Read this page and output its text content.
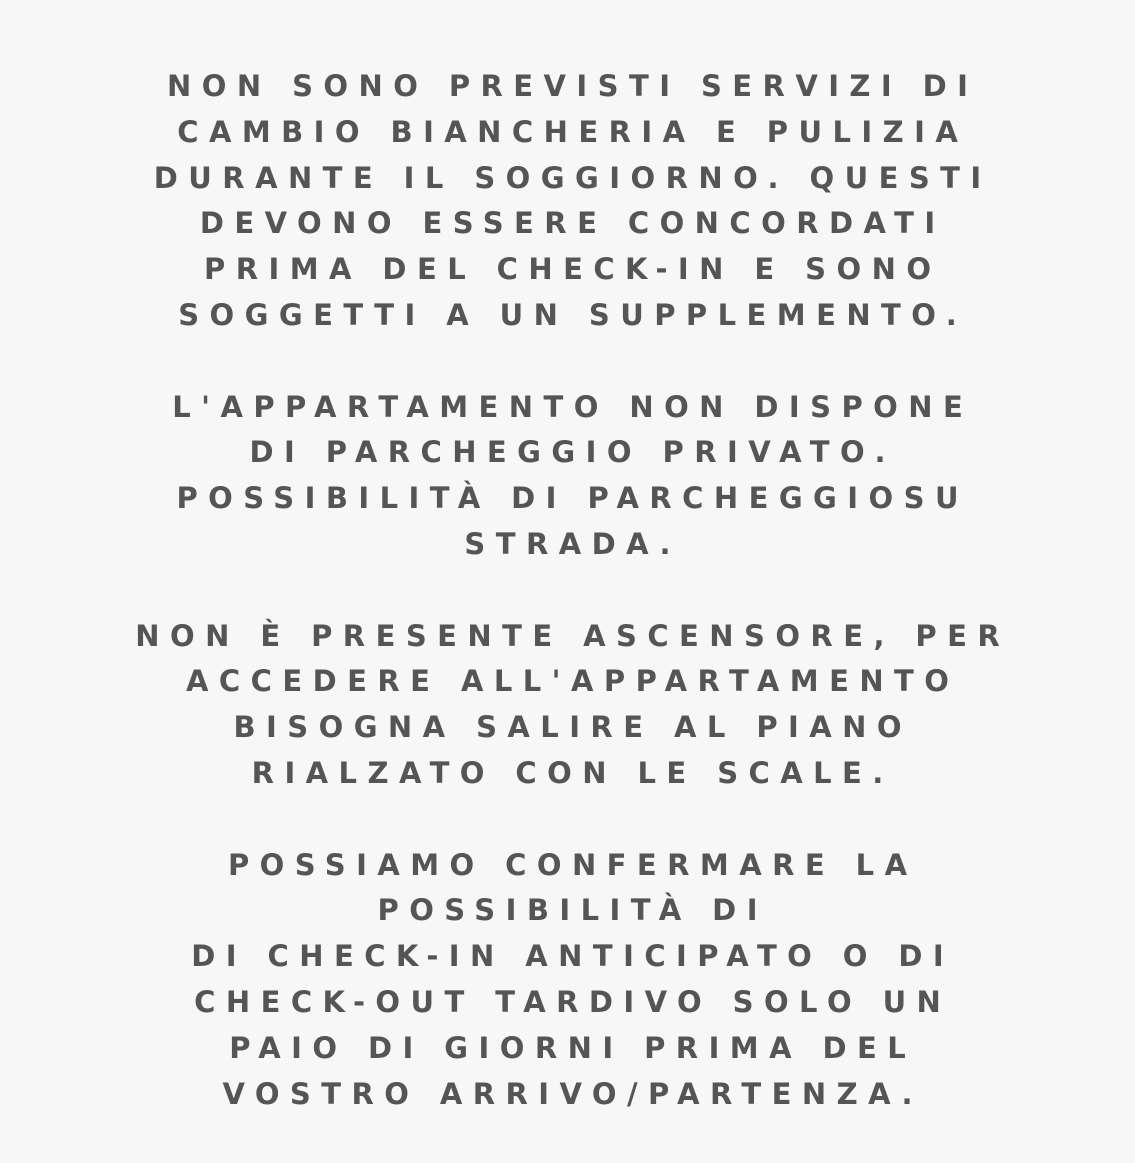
NON SONO PREVISTI SERVIZI DI
CAMBIO BIANCHERIA E PULIZIA
DURANTE IL SOGGIORNO. QUESTI
DEVONO ESSERE CONCORDATI
PRIMA DEL CHECK-IN E SONO
SOGGETTI A UN SUPPLEMENTO.
L'APPARTAMENTO NON DISPONE
DI PARCHEGGIO PRIVATO.
POSSIBILITÀ DI PARCHEGGIOSU
STRADA.
NON È PRESENTE ASCENSORE, PER
ACCEDERE ALL'APPARTAMENTO
BISOGNA SALIRE AL PIANO
RIALZATO CON LE SCALE.
POSSIAMO CONFERMARE LA
POSSIBILITÀ DI
DI CHECK-IN ANTICIPATO O DI
CHECK-OUT TARDIVO SOLO UN
PAIO DI GIORNI PRIMA DEL
VOSTRO ARRIVO/PARTENZA.
